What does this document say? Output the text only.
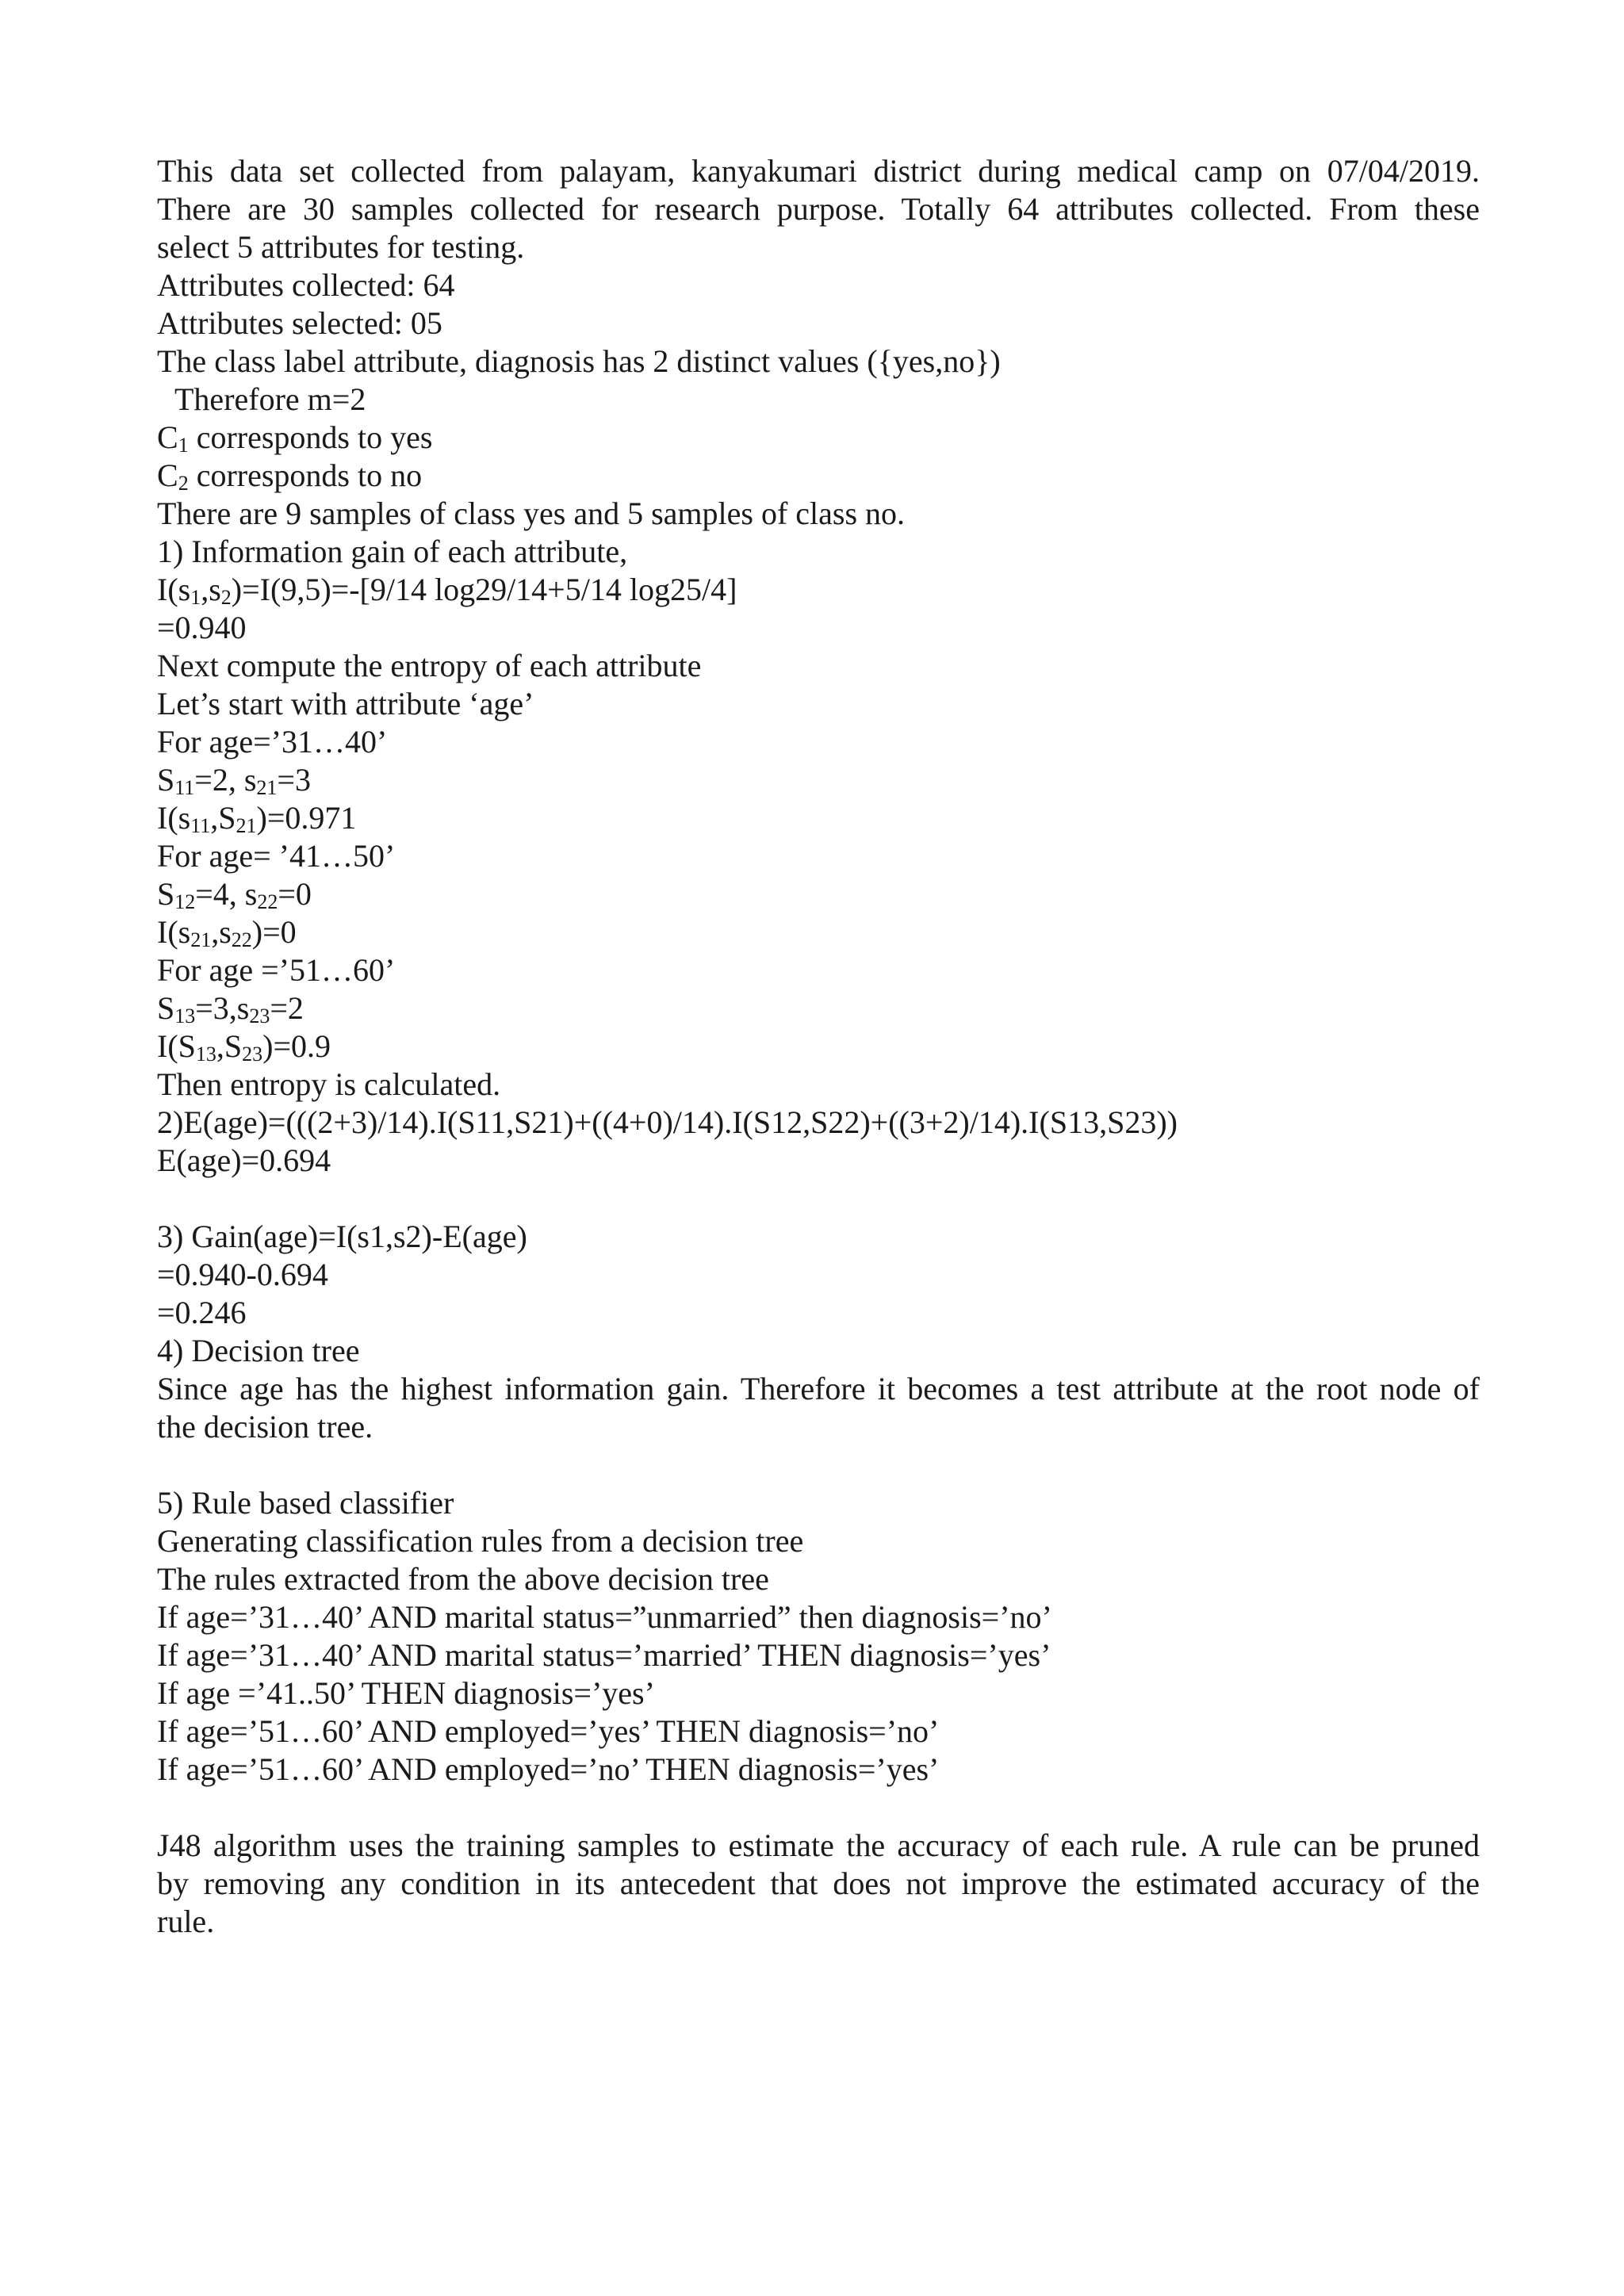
This data set collected from palayam, kanyakumari district during medical camp on 07/04/2019.

There are 30 samples collected for research purpose. Totally 64 attributes collected. From these

select 5 attributes for testing.

Attributes collected: 64

Attributes selected: 05

The class label attribute, diagnosis has 2 distinct values ({yes,no})

Therefore m=2

C1 corresponds to yes

C2 corresponds to no

There are 9 samples of class yes and 5 samples of class no.

1) Information gain of each attribute,

I(s1,s2)=I(9,5)=-[9/14 log29/14+5/14 log25/4]

=0.940

Next compute the entropy of each attribute

Let’s start with attribute ‘age’

For age=’31…40’

S11=2, s21=3

I(s11,S21)=0.971

For age= ’41…50’

S12=4, s22=0

I(s21,s22)=0

For age =’51…60’

S13=3,s23=2

I(S13,S23)=0.9

Then entropy is calculated.

2)E(age)=(((2+3)/14).I(S11,S21)+((4+0)/14).I(S12,S22)+((3+2)/14).I(S13,S23))

E(age)=0.694

3) Gain(age)=I(s1,s2)-E(age)

=0.940-0.694

=0.246

4) Decision tree

Since age has the highest information gain. Therefore it becomes a test attribute at the root node of

the decision tree.

5) Rule based classifier

Generating classification rules from a decision tree

The rules extracted from the above decision tree

If age=’31…40’ AND marital status=”unmarried” then diagnosis=’no’

If age=’31…40’ AND marital status=’married’ THEN diagnosis=’yes’

If age =’41..50’ THEN diagnosis=’yes’

If age=’51…60’ AND employed=’yes’ THEN diagnosis=’no’

If age=’51…60’ AND employed=’no’ THEN diagnosis=’yes’

J48 algorithm uses the training samples to estimate the accuracy of each rule. A rule can be pruned

by removing any condition in its antecedent that does not improve the estimated accuracy of the

rule.
